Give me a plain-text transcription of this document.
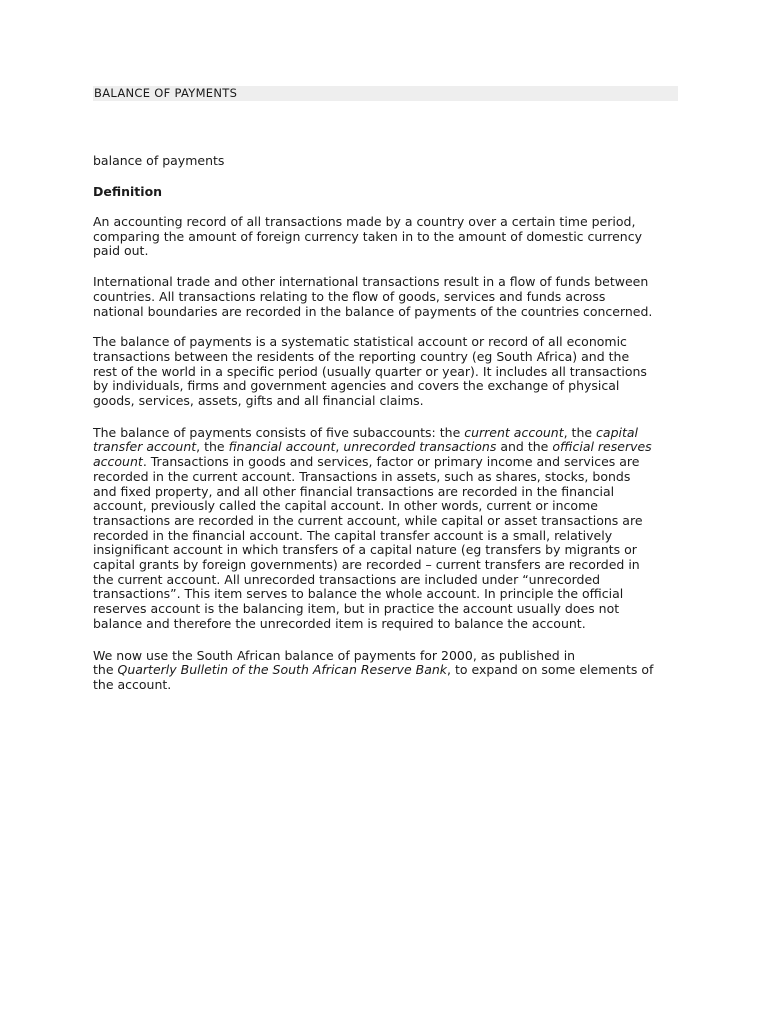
BALANCE OF PAYMENTS
balance of payments
Definition

An accounting record of all transactions made by a country over a certain time period,
comparing the amount of foreign currency taken in to the amount of domestic currency
paid out.

International trade and other international transactions result in a flow of funds between
countries. All transactions relating to the flow of goods, services and funds across
national boundaries are recorded in the balance of payments of the countries concerned.

The balance of payments is a systematic statistical account or record of all economic
transactions between the residents of the reporting country (eg South Africa) and the
rest of the world in a specific period (usually quarter or year). It includes all transactions
by individuals, firms and government agencies and covers the exchange of physical
goods, services, assets, gifts and all financial claims.

The balance of payments consists of five subaccounts: the current account, the capital
transfer account, the financial account, unrecorded transactions and the official reserves
account. Transactions in goods and services, factor or primary income and services are
recorded in the current account. Transactions in assets, such as shares, stocks, bonds
and fixed property, and all other financial transactions are recorded in the financial
account, previously called the capital account. In other words, current or income
transactions are recorded in the current account, while capital or asset transactions are
recorded in the financial account. The capital transfer account is a small, relatively
insignificant account in which transfers of a capital nature (eg transfers by migrants or
capital grants by foreign governments) are recorded – current transfers are recorded in
the current account. All unrecorded transactions are included under “unrecorded
transactions”. This item serves to balance the whole account. In principle the official
reserves account is the balancing item, but in practice the account usually does not
balance and therefore the unrecorded item is required to balance the account.

We now use the South African balance of payments for 2000, as published in
the Quarterly Bulletin of the South African Reserve Bank, to expand on some elements of
the account.
